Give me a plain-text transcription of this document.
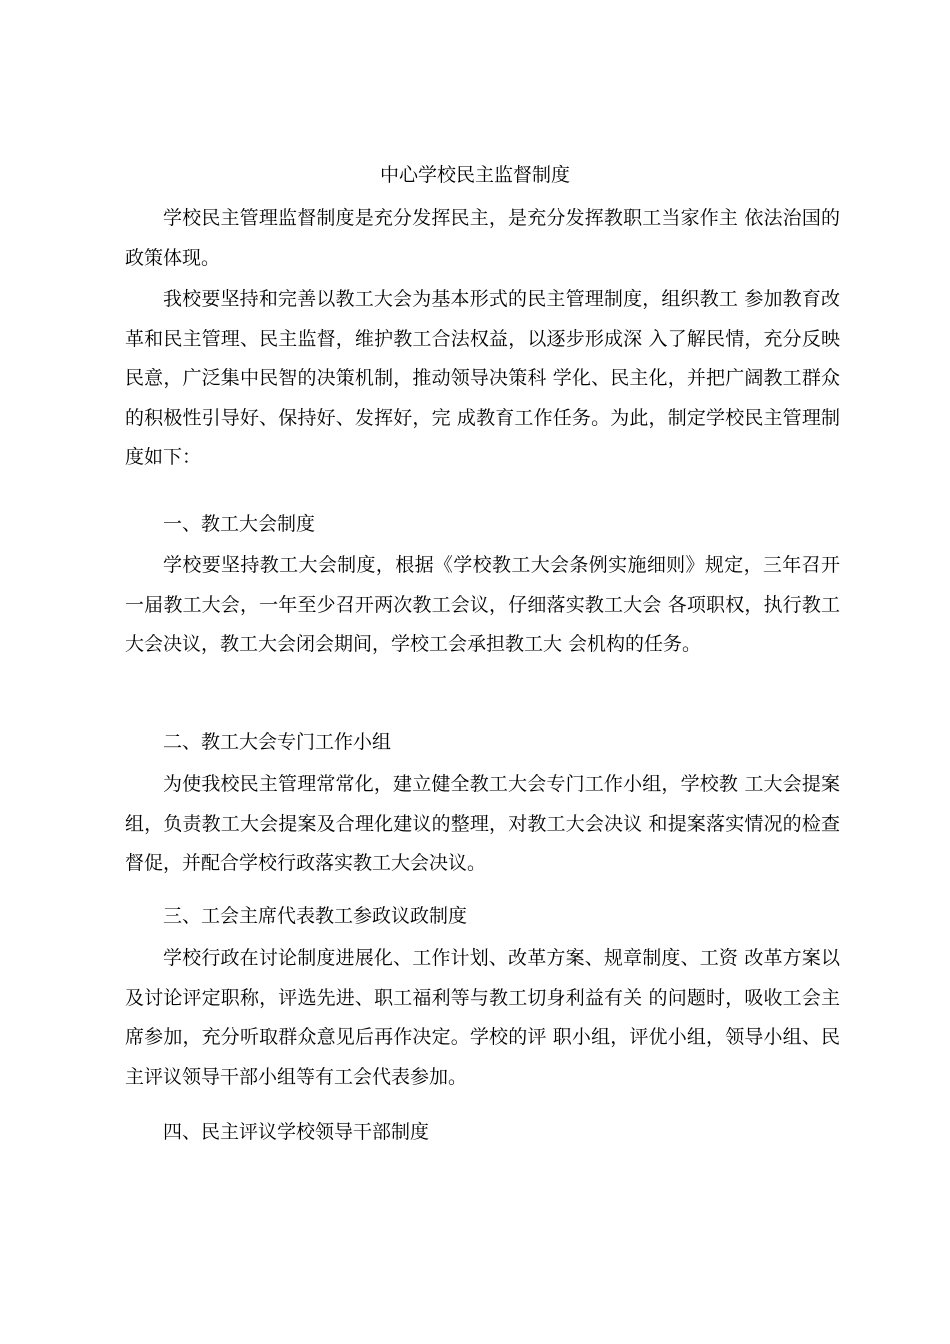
中心学校民主监督制度
学校民主管理监督制度是充分发挥民主，是充分发挥教职工当家作主 依法治国的政策体现。
我校要坚持和完善以教工大会为基本形式的民主管理制度，组织教工 参加教育改革和民主管理、民主监督，维护教工合法权益，以逐步形成深 入了解民情，充分反映民意，广泛集中民智的决策机制，推动领导决策科 学化、民主化，并把广阔教工群众的积极性引导好、保持好、发挥好，完 成教育工作任务。为此，制定学校民主管理制度如下：
一、教工大会制度
学校要坚持教工大会制度，根据《学校教工大会条例实施细则》规定，三年召开一届教工大会，一年至少召开两次教工会议，仔细落实教工大会 各项职权，执行教工大会决议，教工大会闭会期间，学校工会承担教工大 会机构的任务。
二、教工大会专门工作小组
为使我校民主管理常常化，建立健全教工大会专门工作小组，学校教 工大会提案组，负责教工大会提案及合理化建议的整理，对教工大会决议 和提案落实情况的检查督促，并配合学校行政落实教工大会决议。
三、工会主席代表教工参政议政制度
学校行政在讨论制度进展化、工作计划、改革方案、规章制度、工资 改革方案以及讨论评定职称，评选先进、职工福利等与教工切身利益有关 的问题时，吸收工会主席参加，充分听取群众意见后再作决定。学校的评 职小组，评优小组，领导小组、民主评议领导干部小组等有工会代表参加。
四、民主评议学校领导干部制度
